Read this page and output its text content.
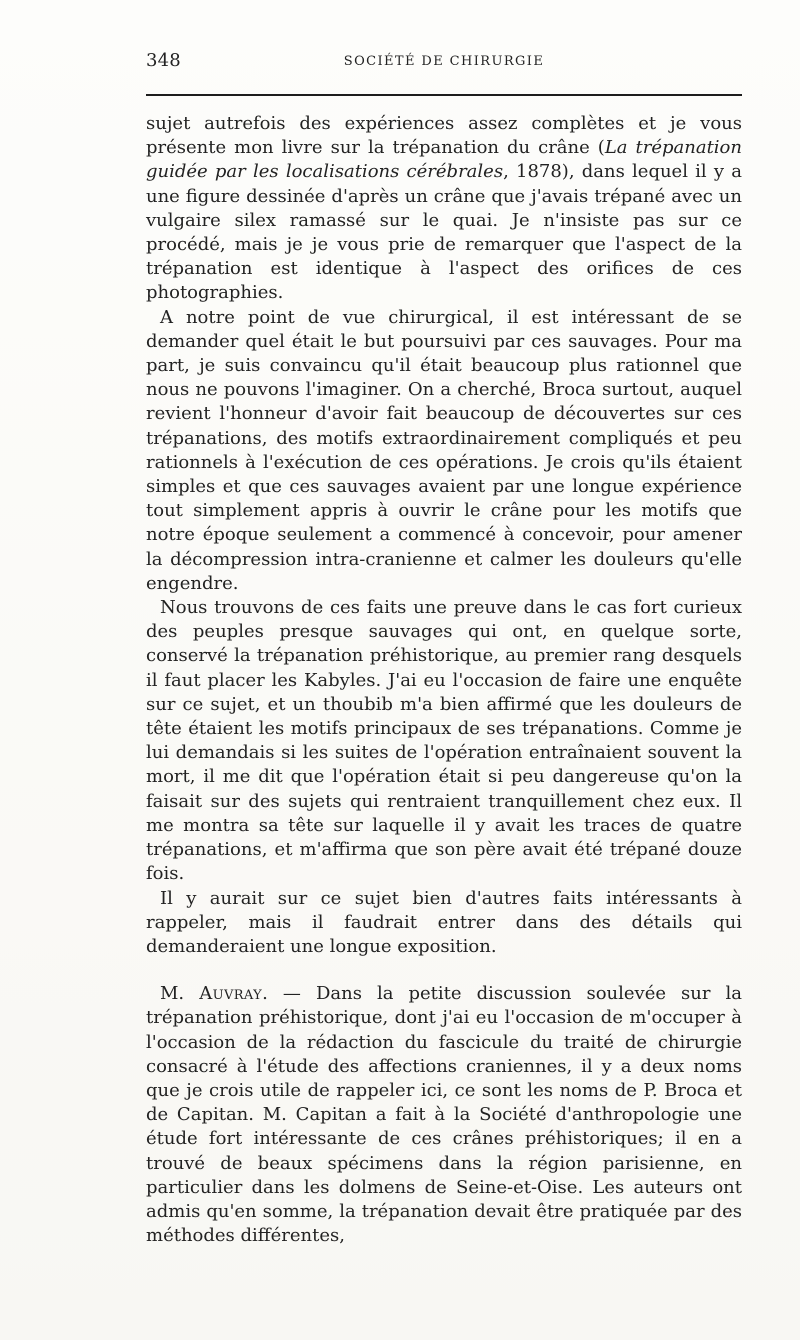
348	SOCIÉTÉ DE CHIRURGIE

sujet autrefois des expériences assez complètes et je vous présente mon livre sur la trépanation du crâne (La trépanation guidée par les localisations cérébrales, 1878), dans lequel il y a une figure dessinée d'après un crâne que j'avais trépané avec un vulgaire silex ramassé sur le quai. Je n'insiste pas sur ce procédé, mais je je vous prie de remarquer que l'aspect de la trépanation est identique à l'aspect des orifices de ces photographies.

A notre point de vue chirurgical, il est intéressant de se demander quel était le but poursuivi par ces sauvages. Pour ma part, je suis convaincu qu'il était beaucoup plus rationnel que nous ne pouvons l'imaginer. On a cherché, Broca surtout, auquel revient l'honneur d'avoir fait beaucoup de découvertes sur ces trépanations, des motifs extraordinairement compliqués et peu rationnels à l'exécution de ces opérations. Je crois qu'ils étaient simples et que ces sauvages avaient par une longue expérience tout simplement appris à ouvrir le crâne pour les motifs que notre époque seulement a commencé à concevoir, pour amener la décompression intra-cranienne et calmer les douleurs qu'elle engendre.

Nous trouvons de ces faits une preuve dans le cas fort curieux des peuples presque sauvages qui ont, en quelque sorte, conservé la trépanation préhistorique, au premier rang desquels il faut placer les Kabyles. J'ai eu l'occasion de faire une enquête sur ce sujet, et un thoubib m'a bien affirmé que les douleurs de tête étaient les motifs principaux de ses trépanations. Comme je lui demandais si les suites de l'opération entraînaient souvent la mort, il me dit que l'opération était si peu dangereuse qu'on la faisait sur des sujets qui rentraient tranquillement chez eux. Il me montra sa tête sur laquelle il y avait les traces de quatre trépanations, et m'affirma que son père avait été trépané douze fois.

Il y aurait sur ce sujet bien d'autres faits intéressants à rappeler, mais il faudrait entrer dans des détails qui demanderaient une longue exposition.

M. Auvray. — Dans la petite discussion soulevée sur la trépanation préhistorique, dont j'ai eu l'occasion de m'occuper à l'occasion de la rédaction du fascicule du traité de chirurgie consacré à l'étude des affections craniennes, il y a deux noms que je crois utile de rappeler ici, ce sont les noms de P. Broca et de Capitan. M. Capitan a fait à la Société d'anthropologie une étude fort intéressante de ces crânes préhistoriques; il en a trouvé de beaux spécimens dans la région parisienne, en particulier dans les dolmens de Seine-et-Oise. Les auteurs ont admis qu'en somme, la trépanation devait être pratiquée par des méthodes différentes,
